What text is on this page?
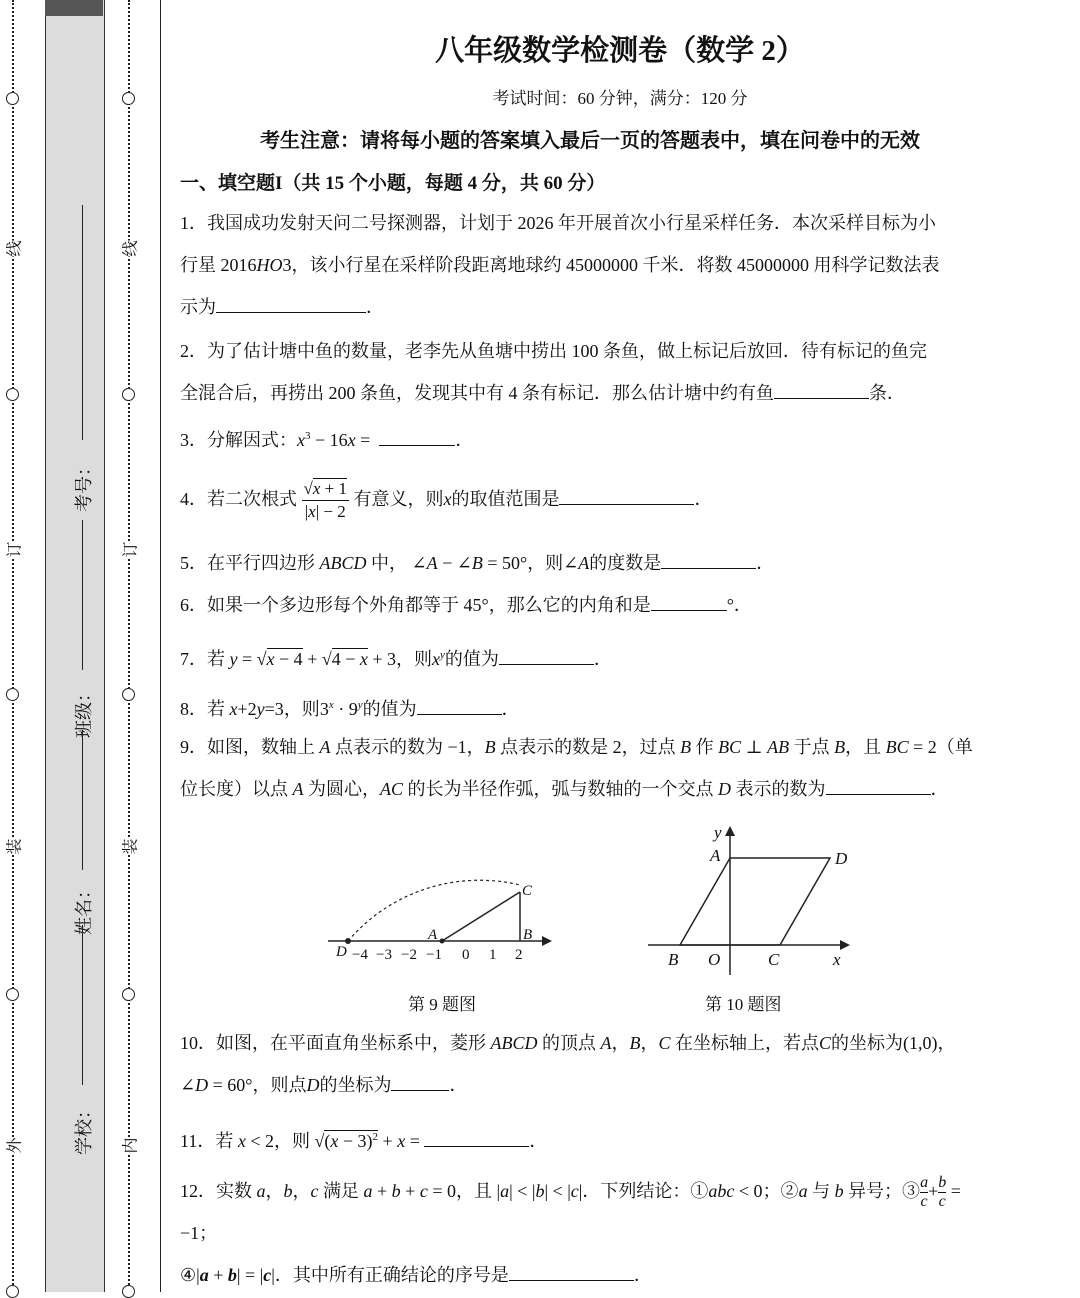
线
订
装
外
线
订
装
内
考号：
班级：
姓名：
学校：
八年级数学检测卷（数学 2）
考试时间：60 分钟，满分：120 分
考生注意：请将每小题的答案填入最后一页的答题表中，填在问卷中的无效
一、填空题I（共 15 个小题，每题 4 分，共 60 分）
1．我国成功发射天问二号探测器，计划于 2026 年开展首次小行星采样任务．本次采样目标为小
行星 2016HO3，该小行星在采样阶段距离地球约 45000000 千米．将数 45000000 用科学记数法表
示为	．
2．为了估计塘中鱼的数量，老李先从鱼塘中捞出 100 条鱼，做上标记后放回．待有标记的鱼完
全混合后，再捞出 200 条鱼，发现其中有 4 条有标记．那么估计塘中约有鱼	条．
3．分解因式：$x^3 - 16x$ =	．
4．若二次根式 $\frac{√x + 1}{|x| - 2}$ 有意义，则x的取值范围是	．
5．在平行四边形 ABCD 中， ∠A − ∠B = 50°，则∠A的度数是	．
6．如果一个多边形每个外角都等于 45°，那么它的内角和是	°．
7．若 y = √x − 4 + √4 − x + 3，则$x^y$的值为	．
8．若 x+2y=3，则$3^x \cdot 9^y$的值为	．
9．如图，数轴上 A 点表示的数为 −1，B 点表示的数是 2，过点 B 作 BC ⊥ AB 于点 B，且 BC = 2（单
位长度）以点 A 为圆心，AC 的长为半径作弧，弧与数轴的一个交点 D 表示的数为	．
−4 −3 −2 −1 0 1 2
D
A	B
C
第 9 题图
A	D
B O	C	x
y
第 10 题图
10．如图，在平面直角坐标系中，菱形 ABCD 的顶点 A，B，C 在坐标轴上，若点C的坐标为(1,0)，
∠D = 60°，则点D的坐标为	．
11．若 x < 2，则 $√(x - 3)^2 + x$ =	．
12．实数 a，b，c 满足 a + b + c = 0，且 |a| < |b| < |c|．下列结论：①abc < 0；②a 与 b 异号；③ $\frac{a}{c} + \frac{b}{c} = -1$；
④|a + b| = |c|．其中所有正确结论的序号是	．
